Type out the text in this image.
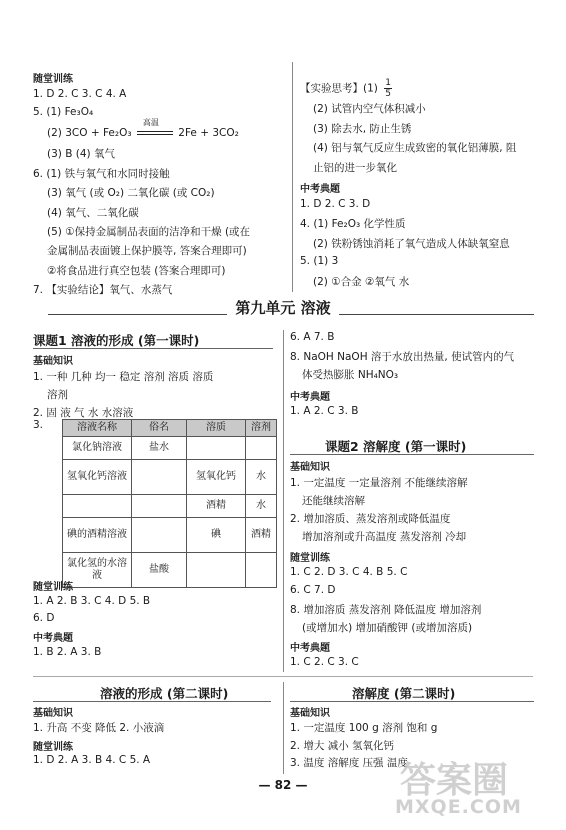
随堂训练
1. D 2. C 3. C 4. A
5. (1) Fe₃O₄
(2) 3CO + Fe₂O₃
高温
2Fe + 3CO₂
(3) B (4) 氧气
6. (1) 铁与氧气和水同时接触
(3) 氧气 (或 O₂) 二氧化碳 (或 CO₂)
(4) 氧气、二氧化碳
(5) ①保持金属制品表面的洁净和干燥 (或在
金属制品表面镀上保护膜等, 答案合理即可)
②将食品进行真空包装 (答案合理即可)
7. 【实验结论】氧气、水蒸气
【实验思考】$(1) \frac{1}{5}$
(2) 试管内空气体积减小
(3) 除去水, 防止生锈
(4) 铝与氧气反应生成致密的氧化铝薄膜, 阻
止铝的进一步氧化
中考典题
1. D 2. C 3. D
4. (1) Fe₂O₃ 化学性质
(2) 铁粉锈蚀消耗了氧气造成人体缺氧窒息
5. (1) 3
(2) ①合金 ②氧气 水
第九单元 溶液
课题1 溶液的形成 (第一课时)
基础知识
1. 一种 几种 均一 稳定 溶剂 溶质 溶质
溶剂
2. 固 液 气 水 水溶液
3.	溶液名称	俗名	溶质	溶剂
氯化钠溶液	盐水		
氢氧化钙溶液		氢氧化钙	水
		酒精	水
碘的酒精溶液		碘	酒精
氯化氢的水溶液	盐酸		
随堂训练
1. A 2. B 3. C 4. D 5. B
6. D
中考典题
1. B 2. A 3. B
6. A 7. B
8. NaOH NaOH 溶于水放出热量, 使试管内的气
体受热膨胀 NH₄NO₃
中考典题
1. A 2. C 3. B
课题2 溶解度 (第一课时)
基础知识
1. 一定温度 一定量溶剂 不能继续溶解
还能继续溶解
2. 增加溶质、蒸发溶剂或降低温度
增加溶剂或升高温度 蒸发溶剂 冷却
随堂训练
1. C 2. D 3. C 4. B 5. C
6. C 7. D
8. 增加溶质 蒸发溶剂 降低温度 增加溶剂
(或增加水) 增加硝酸钾 (或增加溶质)
中考典题
1. C 2. C 3. C
溶液的形成 (第二课时)
基础知识
1. 升高 不变 降低 2. 小液滴
随堂训练
1. D 2. A 3. B 4. C 5. A
溶解度 (第二课时)
基础知识
1. 一定温度 100 g 溶剂 饱和 g
2. 增大 减小 氢氧化钙
3. 温度 溶解度 压强 温度
— 82 —	答案圈
MXQE.COM
